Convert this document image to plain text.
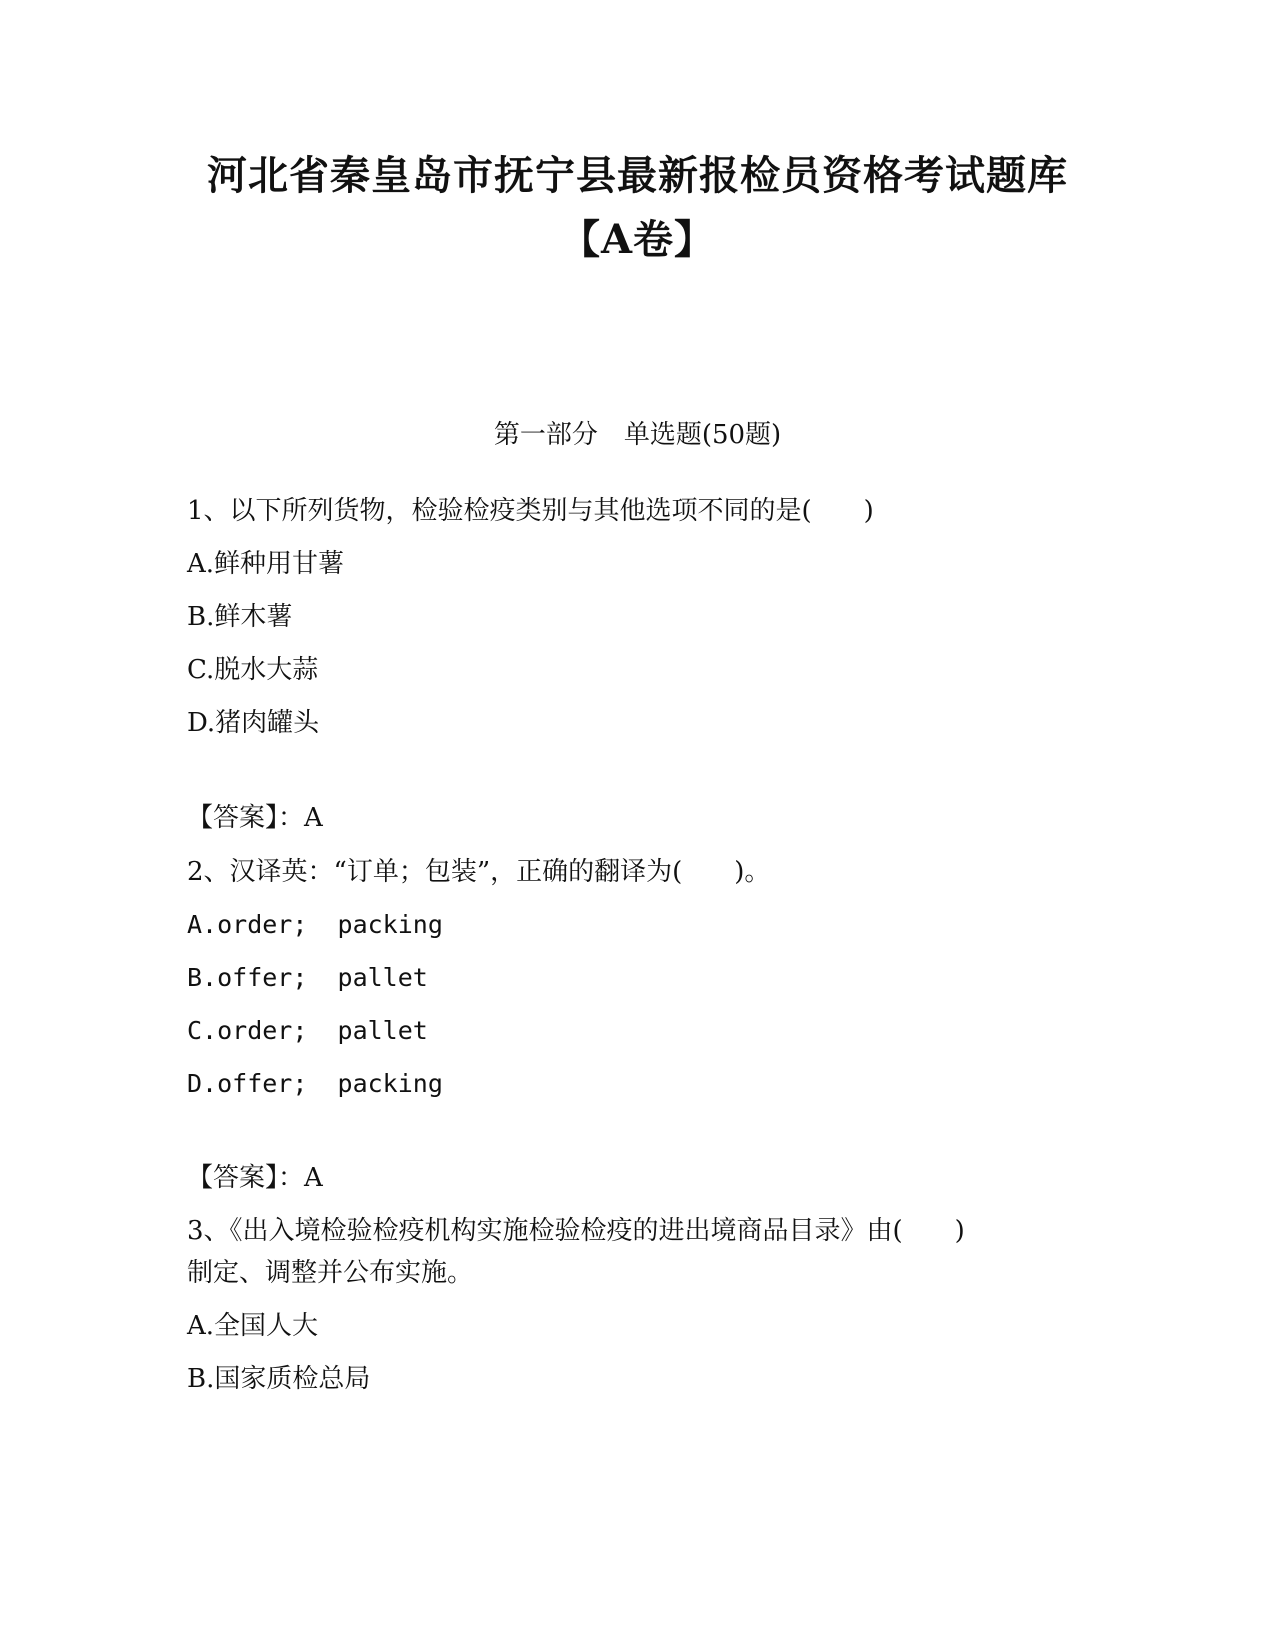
河北省秦皇岛市抚宁县最新报检员资格考试题库
【A卷】
第一部分　单选题(50题)
1、以下所列货物，检验检疫类别与其他选项不同的是(　　)
A.鲜种用甘薯
B.鲜木薯
C.脱水大蒜
D.猪肉罐头
【答案】：A
2、汉译英：“订单；包装”，正确的翻译为(　　)。
A.order;  packing
B.offer;  pallet
C.order;  pallet
D.offer;  packing
【答案】：A
3、《出入境检验检疫机构实施检验检疫的进出境商品目录》由(　　)
制定、调整并公布实施。
A.全国人大
B.国家质检总局
